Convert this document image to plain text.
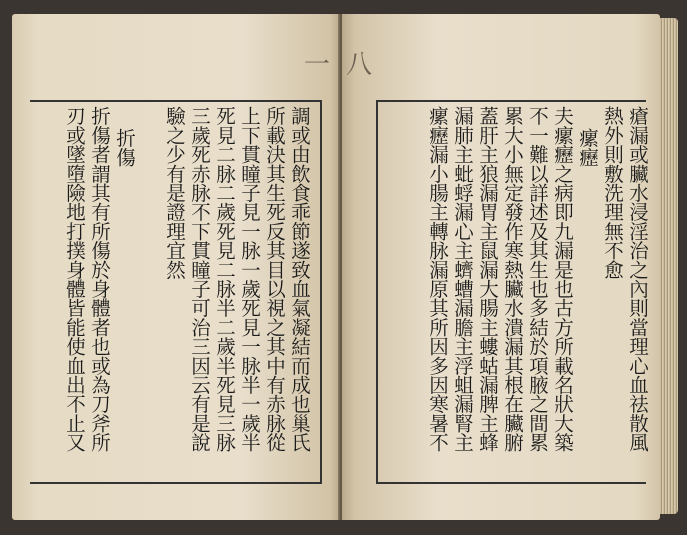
一
調或由飲食乖節遂致血氣凝結而成也巢氏
所載決其生死反其目以視之其中有赤脉從
上下貫瞳子見一脉一歲死見一脉半一歲半
死見二脉二歲死見二脉半二歲半死見三脉
三歲死赤脉不下貫瞳子可治三因云有是說
驗之少有是證理宜然
折傷
折傷者謂其有所傷於身體者也或為刀斧所
刃或墜墮險地打撲身體皆能使血出不止又
八
瘡漏或臟水浸淫治之內則當理心血祛散風
熱外則敷洗理無不愈
瘰癧
夫瘰癧之病即九漏是也古方所載名狀大築
不一難以詳述及其生也多結於項腋之間累
累大小無定發作寒熱臟水潰漏其根在臟腑
蓋肝主狼漏胃主鼠漏大腸主螻蛄漏脾主蜂
漏肺主蚍蜉漏心主蠐螬漏膽主浮蛆漏腎主
瘰癧漏小腸主轉脉漏原其所因多因寒暑不
